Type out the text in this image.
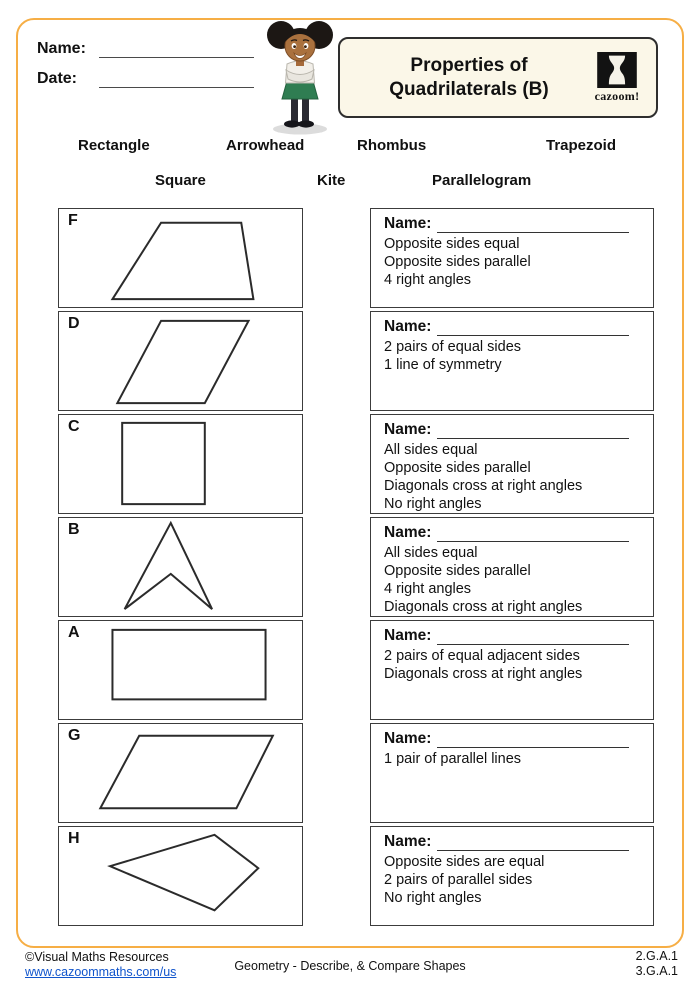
Name:
Date:
Properties of Quadrilaterals (B)	cazoom!
Rectangle	Arrowhead	Rhombus	Trapezoid
Square	Kite	Parallelogram
F
D
C
B
A
G
H
Name:
Opposite sides equal
Opposite sides parallel
4 right angles
Name:
2 pairs of equal sides
1 line of symmetry
Name:
All sides equal
Opposite sides parallel
Diagonals cross at right angles
No right angles
Name:
All sides equal
Opposite sides parallel
4 right angles
Diagonals cross at right angles
Name:
2 pairs of equal adjacent sides
Diagonals cross at right angles
Name:
1 pair of parallel lines
Name:
Opposite sides are equal
2 pairs of parallel sides
No right angles
©Visual Maths Resources
www.cazoommaths.com/us	Geometry - Describe, & Compare Shapes
2.G.A.1
3.G.A.1
